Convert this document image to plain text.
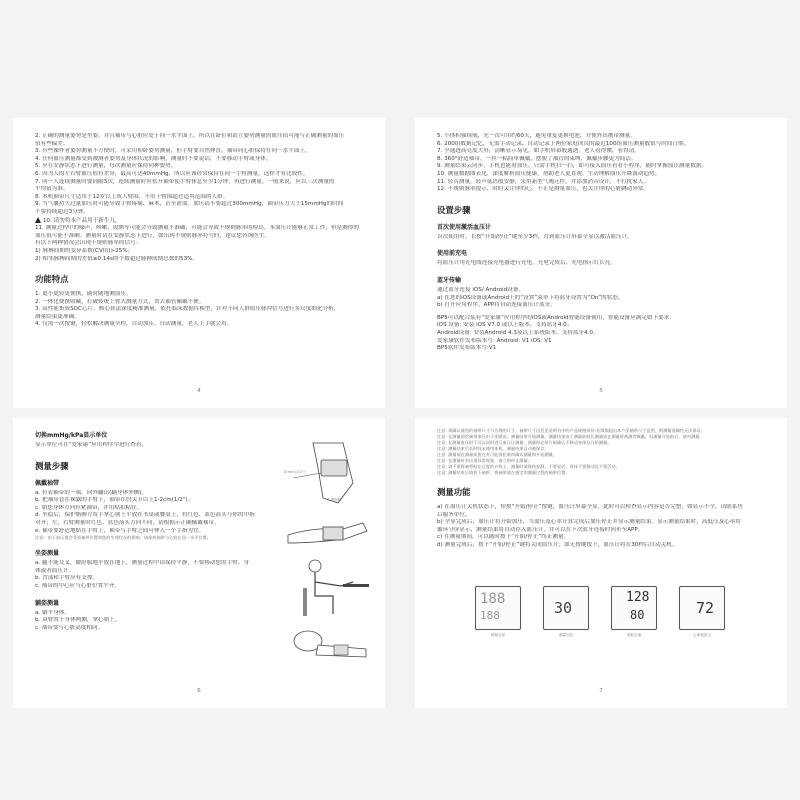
2. 正确的测量姿势是坐姿，并且袖带与心脏应处于同一水平面上，所以在卧位和站立姿势测量的血压值可能与正确测量的血压

值有些偏差。

3. 有些操作者姿势测量不方便时，可采用仰卧姿势测量，但手臂要自然伸直，袖带同心脏保持在同一水平面上。

4. 任何血压测量都受到被测者姿势及身体状况的影响。测量时不要说话，不要移动手臂或身体。

5. 应在安静状态下进行测量，每次测量应保持同种姿势。

6. 因为人的左右臂血压值有差异，最高可达40mmHg，所以应该经常保持在同一手臂测量，这样才有比较性。

7. 同一人连续测量时要间隔3次，连续测量时应松开袖带使手臂休息至少1分钟，再进行测量。一般来说，应以三次测量的

平均值为准。

8. 本机袖带尺寸适用于12岁以上成人臂围，不用于臂围超过适用范围的人群。

9. 当气囊持久过量加压时可能导致手臂疼痛、麻木，甚至淤血。加压请不要超过300mmHg，袖带压力大于15mmHg的时间

不要持续超过3分钟。

10. 请勿将本产品用于新生儿。

11. 测量过程中的噪声、咳嗽、震颤等可能会导致测量不准确，可能会导致不规则脉率的检出。本血压计能够正常工作，但是测得的

血压值可能不准确。测量时请在安静状态下进行，如出现不规则脉率符号时，建议您咨询医生。

有以下两种情况会出现不规则脉率的信号：

1) 脉搏间期的变异系数(CV值)>25%；

2) 相邻脉搏间期的差值≥0.14s的个数超过脉搏间期总数的53%。

功能特点

1. 更小更轻更便携，随时随地测血压。

2. 一体化便携收藏，打破传统上臂式测量方式，省去袖管佩戴不便。

3. 高性能集成SOC芯片，核心算法深度精准测量，依托临床数据库模型，针对不同人群血压脉冲信号进行多尺度细化分析，

测量结果更准确。

4. 仅需一次按键，轻松解决测量全程，自动加压、自动测量，老人上手就会用。

4

5. 小体积强续航，充一次可用约60天，避免重复更换电池，方便外出携带测量。

6. 200组数据记忆，无需手动记录，自动记录上两位家庭成员的最近100组血压测量数值与时间日期。

7. 全通透高亮度大屏，清晰显示易见，如手机屏幕般通透，老人看得懂，看得清。

8. 360°舒适袖带，一拉一粘简单佩戴，摆脱了袖管的束缚，佩戴步骤更为简洁。

9. 测量结果云同步，手机也能看血压，只需手机扫一扫，即可接入血压看看小程序，随时掌握血压测量数据。

10. 测量数据图表化，深度解析血压健康，帮助老人更直观、生动理解血压升降波动趋势。

11. 轻音测量，轻声低语般安静，采用新型气阀元件，并添加消音设计，不打扰家人。

12. 不规则脉率提示，时时关注你的心，不止是测量血压，也关注你的心脏跳动异常。

设置步骤
首次使用激活血压计

首次使用时，长按“开始/停止”键至少3秒，直到血压计屏幕全显以激活血压计。

使用前充电

将血压计用充电线连接充电器进行充电，充电完成后，充电指示灯长亮。

蓝牙传输

通过蓝牙连接 iOS/ Android设备。

a) 在您的iOS设备或Android上的“设置”菜单下将蓝牙设置为“On”的状态。

b) 打开应用程序，APP将自动连接血压计蓝牙。

BP5可以配合装有“爱家康”应用程序的iOS或Android智能设备使用，智能设备应满足如下要求：

iOS 设备: 安装 iOS V7.0 或以上版本，支持蓝牙4.0；

Android设备: 安装Android 4.3及以上系统版本，支持蓝牙4.0。

爱家康软件发布版本号: Android: V1 iOS: V1

BP5软件发布版本号:V1

5
切换mmHg/kPa显示单位

显示单位可在“爱家康”应用程序中进行查看。

测量步骤
佩戴袖带

a. 拉着袖带的一端，向外翻出(翻身体外侧)。

b. 把袖带套在裸露的手臂上，袖带在肘关节以上1-2cm(1/2")。

c. 朝您身体方向拉紧袖带，并用贴扣粘住。

d. 坐稳后，保护胳膊方将手掌心朝上平放在书桌或餐桌上，将红色、蓝色箭头与你的中指

对齐；左、右臂测量时红色、蓝色箭头方向不同，请根据示正确佩戴袖带。

e. 袖带要舒适地贴在手臂上，袖带与手臂之间可伸入一个手指为宜。

注意：由于血压值会受到袖带位置和您的生理状况的影响，请保持袖带与心脏在同一水平位置。

坐姿测量

a. 腿不能交叉，脚舒服地平放在地上，测量过程中请保持平静，不要移动您的手臂、身

体或者血压计。

b. 背部和手臂应有支撑。

c. 袖带的中心应与心脏位置平齐。

躺姿测量

a. 躺平身体。

b. 双臂置于身体两侧，掌心朝上。

c. 袖带要与心脏高度相同。

15mm(1/2")
左臂佩戴
6

注意: 请确认使用的袖带尺寸与合理的尺寸，袖带尺寸信息见说明书中的产品规格部份;若频频超出本产品袖带尺寸范围，则测量准确性无法保证。

注意: 在测量前给袖带加压由于伴随而，测量结果开始测量，测量结果由于测量前较长测量请在测量时被测者佩戴，但测量开始前后，请勿测量。

注意: 在测量血压时不可以同时进行血压计测量，测量时必须仔细确认不移动身体及开始测量。

注意: 测量结束后长时间未使用本机，测量结果自动被保存；

注意: 测量前在测量前要在有可能放松肌肉确认测量和开始测量。

注意: 在测量时若出现异常现象，请立即停止测量；

注意: 请不要将袖带贴在过度的衣物上，测量时请保持安静，不要说话、身体不要移动及不要活动；

注意: 测量结束后请拆下袖带，将袖带放在指定的测量过程的袖带位置。

测量功能

a) 在血压计关机状态下，短按“开始/停止”按键，血压计屏幕全显，此时可以检查显示内容是否完整，如显示不全，请联系售

后服务单位。

b) 全显完成后，血压计将开始加压，当血压及心率计算完成后加压停止并显示测量结果。显示测量结果时，高低压及心率将

循环分屏显示，测量结果将自动存入血压计，并可以在下次蓝牙连接时同步至APP。

c) 在测量期间，可以随时按下“开始/停止”终止测量。

d) 测量完成后，按下“开始/停止”键将关闭血压计；如无按键按下，血压计将在30秒后自动关机。

188
188
屏幕全显
30
测量加压
128
80
高低压值
72
心率值显示
7
